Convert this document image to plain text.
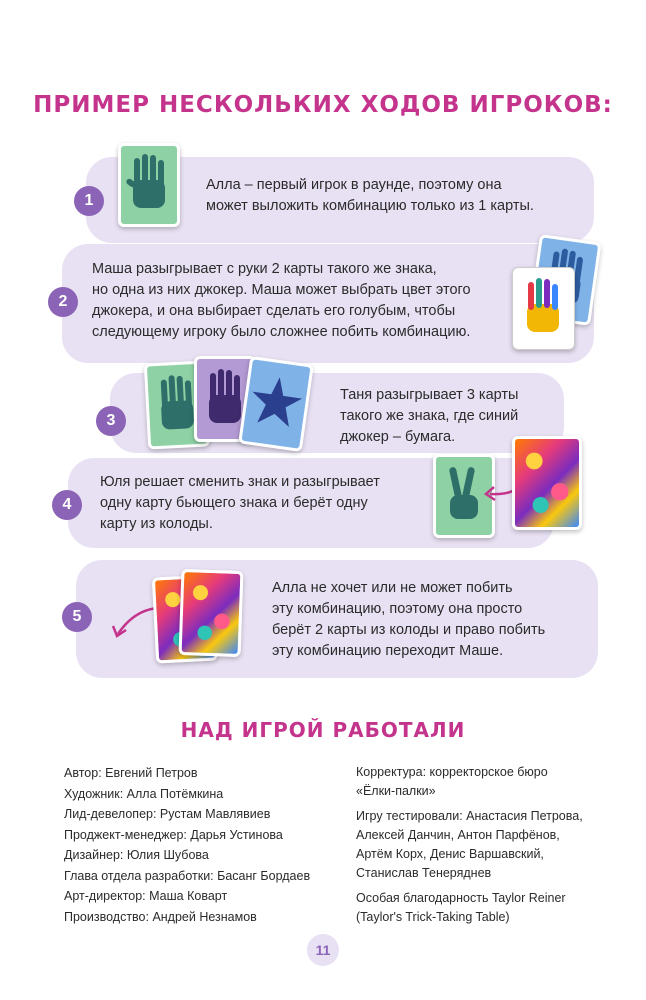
ПРИМЕР НЕСКОЛЬКИХ ХОДОВ ИГРОКОВ:
1
Алла – первый игрок в раунде, поэтому она
может выложить комбинацию только из 1 карты.
2
Маша разыгрывает с руки 2 карты такого же знака,
но одна из них джокер. Маша может выбрать цвет этого
джокера, и она выбирает сделать его голубым, чтобы
следующему игроку было сложнее побить комбинацию.
3
Таня разыгрывает 3 карты
такого же знака, где синий
джокер – бумага.
4
Юля решает сменить знак и разыгрывает
одну карту бьющего знака и берёт одну
карту из колоды.
5
Алла не хочет или не может побить
эту комбинацию, поэтому она просто
берёт 2 карты из колоды и право побить
эту комбинацию переходит Маше.
НАД ИГРОЙ РАБОТАЛИ
Автор: Евгений Петров
Художник: Алла Потёмкина
Лид-девелопер: Рустам Мавлявиев
Проджект-менеджер: Дарья Устинова
Дизайнер: Юлия Шубова
Глава отдела разработки: Басанг Бордаев
Арт-директор: Маша Коварт
Производство: Андрей Незнамов
Корректура: корректорское бюро
«Ёлки-палки»
Игру тестировали: Анастасия Петрова,
Алексей Данчин, Антон Парфёнов,
Артём Корх, Денис Варшавский,
Станислав Тенеряднев
Особая благодарность Taylor Reiner
(Taylor's Trick-Taking Table)
11
